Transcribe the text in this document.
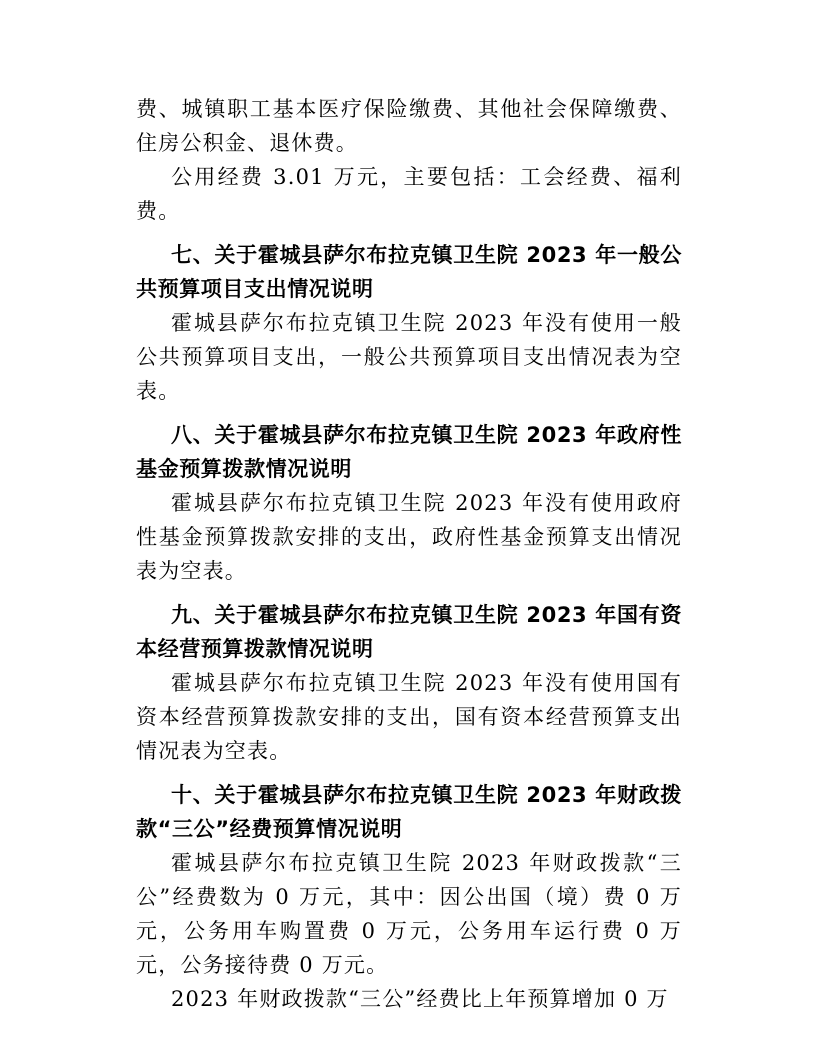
费、城镇职工基本医疗保险缴费、其他社会保障缴费、住房公积金、退休费。

公用经费 3.01 万元，主要包括：工会经费、福利费。

七、关于霍城县萨尔布拉克镇卫生院 2023 年一般公共预算项目支出情况说明

霍城县萨尔布拉克镇卫生院 2023 年没有使用一般公共预算项目支出，一般公共预算项目支出情况表为空表。

八、关于霍城县萨尔布拉克镇卫生院 2023 年政府性基金预算拨款情况说明

霍城县萨尔布拉克镇卫生院 2023 年没有使用政府性基金预算拨款安排的支出，政府性基金预算支出情况表为空表。

九、关于霍城县萨尔布拉克镇卫生院 2023 年国有资本经营预算拨款情况说明

霍城县萨尔布拉克镇卫生院 2023 年没有使用国有资本经营预算拨款安排的支出，国有资本经营预算支出情况表为空表。

十、关于霍城县萨尔布拉克镇卫生院 2023 年财政拨款“三公”经费预算情况说明

霍城县萨尔布拉克镇卫生院 2023 年财政拨款“三公”经费数为 0 万元，其中：因公出国（境）费 0 万元，公务用车购置费 0 万元，公务用车运行费 0 万元，公务接待费 0 万元。

2023 年财政拨款“三公”经费比上年预算增加 0 万
